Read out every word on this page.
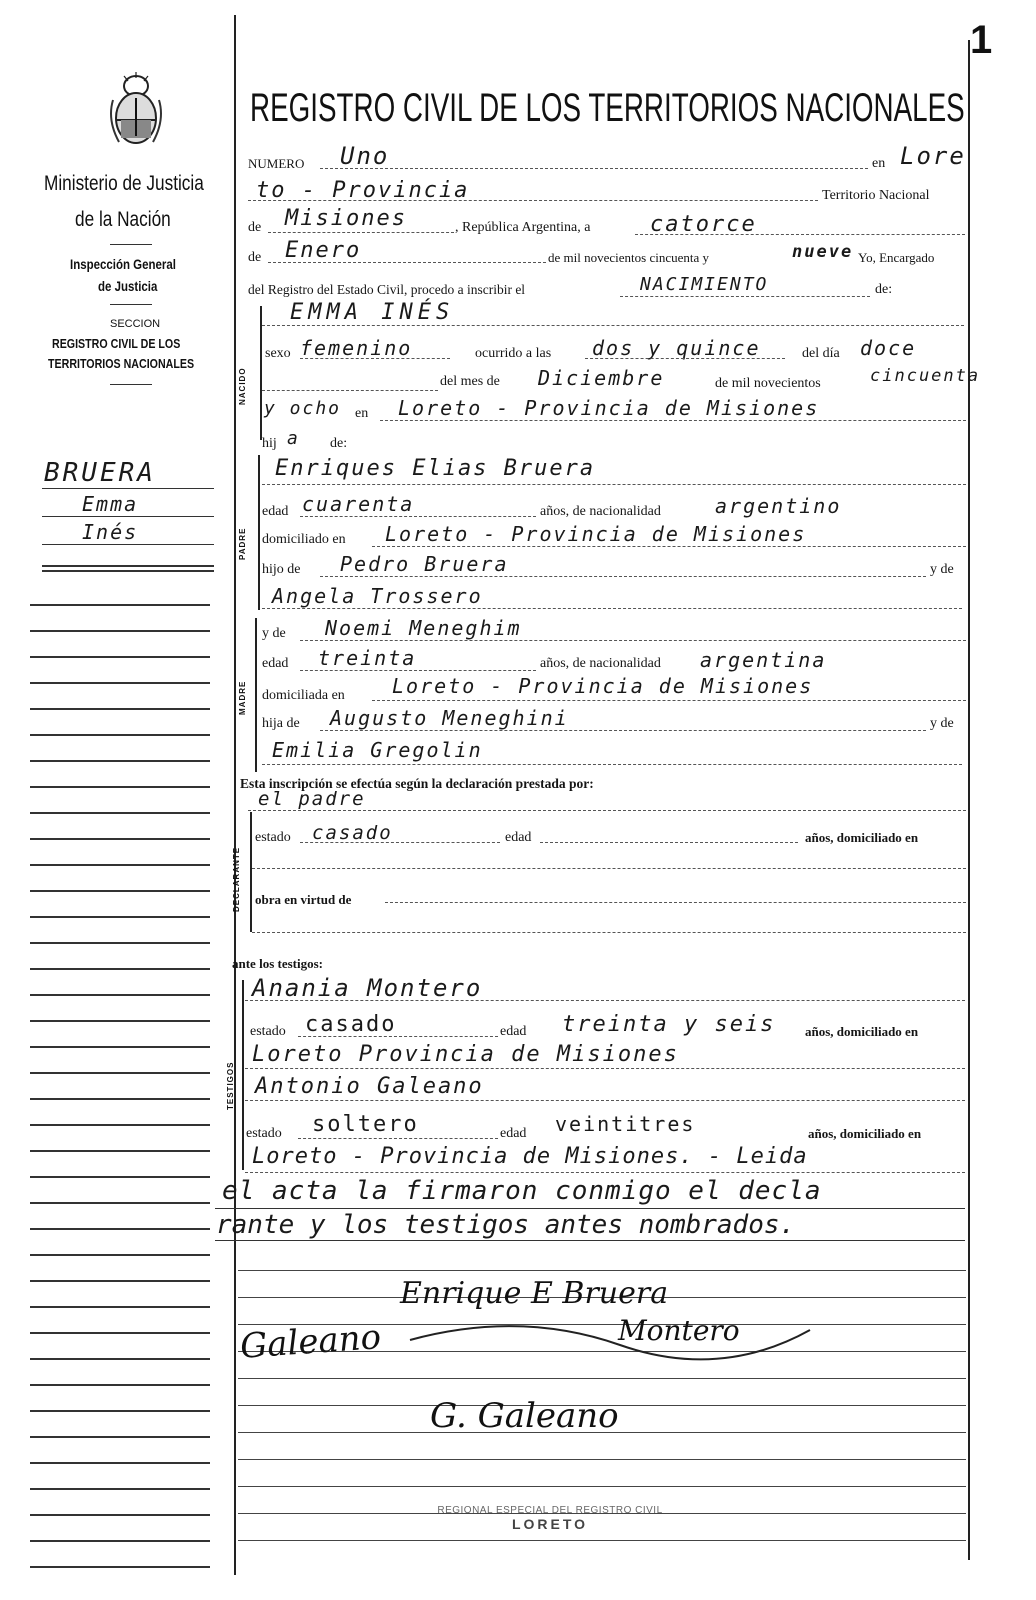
1
Ministerio de Justicia
de la Nación
Inspección General
de Justicia
SECCION
REGISTRO CIVIL DE LOS
TERRITORIOS NACIONALES
BRUERA
Emma
Inés
REGISTRO CIVIL DE LOS TERRITORIOS NACIONALES
NUMERO Uno	en Lore
to - Provincia	Territorio Nacional
de Misiones	, República Argentina, a	catorce
de Enero	de mil novecientos cincuenta y	nueve Yo, Encargado
del Registro del Estado Civil, procedo a inscribir el	NACIMIENTO	de:
NACIDO
EMMA INÉS
sexo femenino	ocurrido a las dos y quince	del día doce
del mes de Diciembre	de mil novecientos	cincuenta
y ocho en Loreto - Provincia de Misiones
hij a de:
PADRE
Enriques Elias Bruera
edad cuarenta	años, de nacionalidad	argentino
domiciliado en Loreto - Provincia de Misiones
hijo de Pedro Bruera	y de
Angela Trossero
MADRE
y de Noemi Meneghim
edad treinta	años, de nacionalidad argentina
domiciliada en Loreto - Provincia de Misiones
hija de Augusto Meneghini	y de
Emilia Gregolin
Esta inscripción se efectúa según la declaración prestada por:
el padre
DECLARANTE
estado casado	edad	años, domiciliado en
obra en virtud de
ante los testigos:
TESTIGOS
Anania Montero
estado casado	edad treinta y seis años, domiciliado en
Loreto Provincia de Misiones
Antonio Galeano
estado soltero	edad veintitres	años, domiciliado en
Loreto - Provincia de Misiones. - Leida
el acta la firmaron conmigo el decla
rante y los testigos antes nombrados.
Enrique E Bruera
Galeano	Montero
G. Galeano
REGIONAL ESPECIAL DEL REGISTRO CIVIL
LORETO
